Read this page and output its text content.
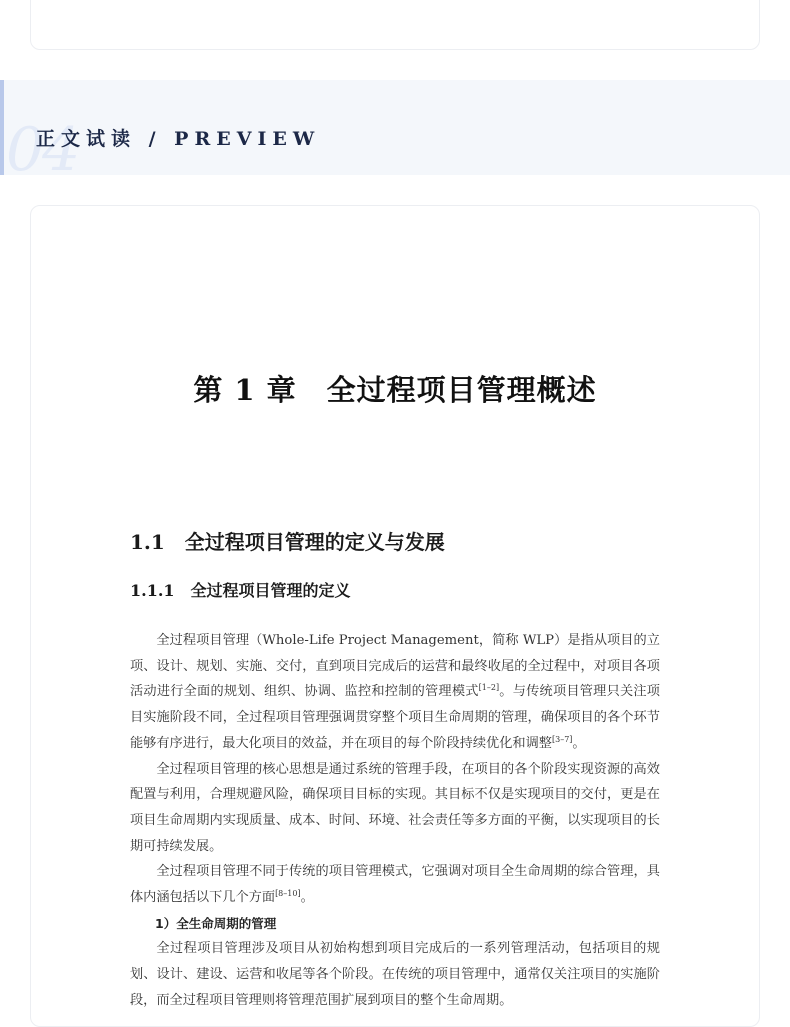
04
正文试读 / PREVIEW
第 1 章　全过程项目管理概述
1.1　全过程项目管理的定义与发展
1.1.1　全过程项目管理的定义

全过程项目管理（Whole-Life Project Management，简称 WLP）是指从项目的立项、设计、规划、实施、交付，直到项目完成后的运营和最终收尾的全过程中，对项目各项活动进行全面的规划、组织、协调、监控和控制的管理模式[1–2]。与传统项目管理只关注项目实施阶段不同，全过程项目管理强调贯穿整个项目生命周期的管理，确保项目的各个环节能够有序进行，最大化项目的效益，并在项目的每个阶段持续优化和调整[3–7]。

全过程项目管理的核心思想是通过系统的管理手段，在项目的各个阶段实现资源的高效配置与利用，合理规避风险，确保项目目标的实现。其目标不仅是实现项目的交付，更是在项目生命周期内实现质量、成本、时间、环境、社会责任等多方面的平衡，以实现项目的长期可持续发展。

全过程项目管理不同于传统的项目管理模式，它强调对项目全生命周期的综合管理，具体内涵包括以下几个方面[8–10]。

1）全生命周期的管理

全过程项目管理涉及项目从初始构想到项目完成后的一系列管理活动，包括项目的规划、设计、建设、运营和收尾等各个阶段。在传统的项目管理中，通常仅关注项目的实施阶段，而全过程项目管理则将管理范围扩展到项目的整个生命周期。
